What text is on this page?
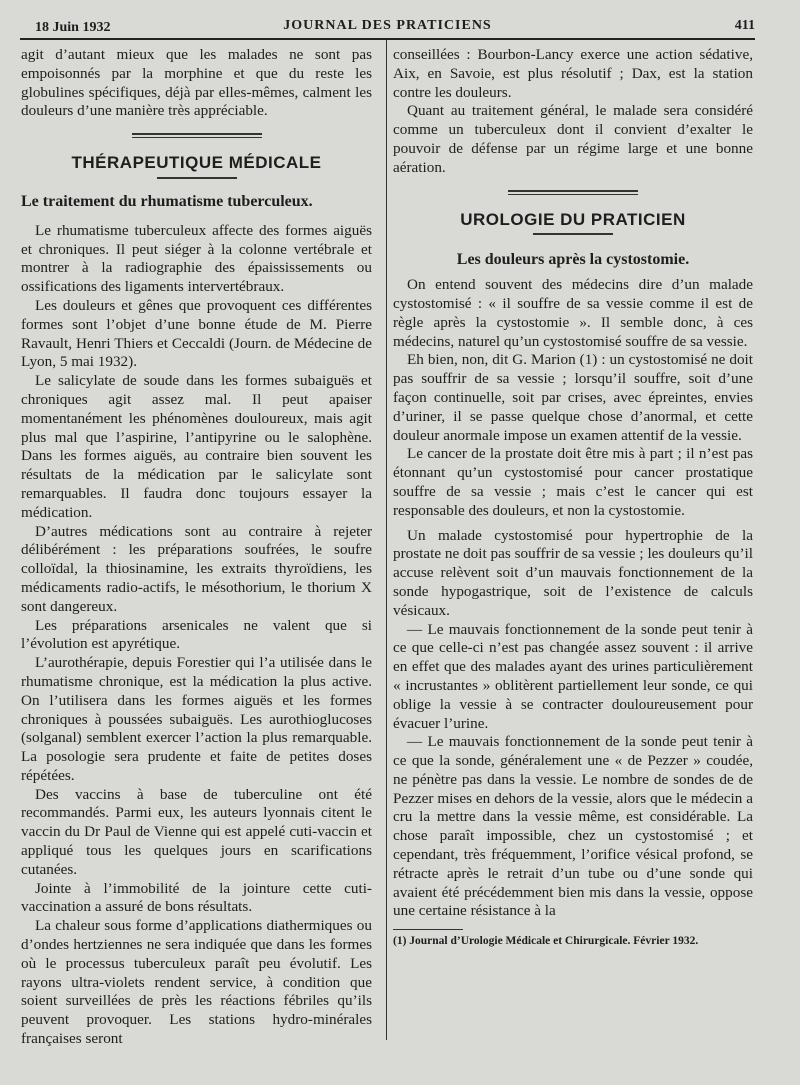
18 Juin 1932	JOURNAL DES PRATICIENS	411

agit d’autant mieux que les malades ne sont pas empoisonnés par la morphine et que du reste les globulines spécifiques, déjà par elles-mêmes, calment les douleurs d’une manière très appréciable.

THÉRAPEUTIQUE MÉDICALE
Le traitement du rhumatisme tuberculeux.

Le rhumatisme tuberculeux affecte des formes aiguës et chroniques. Il peut siéger à la colonne vertébrale et montrer à la radiographie des épaississements ou ossifications des ligaments intervertébraux.

Les douleurs et gênes que provoquent ces différentes formes sont l’objet d’une bonne étude de M. Pierre Ravault, Henri Thiers et Ceccaldi (Journ. de Médecine de Lyon, 5 mai 1932).

Le salicylate de soude dans les formes subaiguës et chroniques agit assez mal. Il peut apaiser momentanément les phénomènes douloureux, mais agit plus mal que l’aspirine, l’antipyrine ou le salophène. Dans les formes aiguës, au contraire bien souvent les résultats de la médication par le salicylate sont remarquables. Il faudra donc toujours essayer la médication.

D’autres médications sont au contraire à rejeter délibérément : les préparations soufrées, le soufre colloïdal, la thiosinamine, les extraits thyroïdiens, les médicaments radio-actifs, le mésothorium, le thorium X sont dangereux.

Les préparations arsenicales ne valent que si l’évolution est apyrétique.

L’aurothérapie, depuis Forestier qui l’a utilisée dans le rhumatisme chronique, est la médication la plus active. On l’utilisera dans les formes aiguës et les formes chroniques à poussées subaiguës. Les aurothioglucoses (solganal) semblent exercer l’action la plus remarquable. La posologie sera prudente et faite de petites doses répétées.

Des vaccins à base de tuberculine ont été recommandés. Parmi eux, les auteurs lyonnais citent le vaccin du Dr Paul de Vienne qui est appelé cuti-vaccin et appliqué tous les quelques jours en scarifications cutanées.

Jointe à l’immobilité de la jointure cette cuti-vaccination a assuré de bons résultats.

La chaleur sous forme d’applications diathermiques ou d’ondes hertziennes ne sera indiquée que dans les formes où le processus tuberculeux paraît peu évolutif. Les rayons ultra-violets rendent service, à condition que soient surveillées de près les réactions fébriles qu’ils peuvent provoquer. Les stations hydro-minérales françaises seront

conseillées : Bourbon-Lancy exerce une action sédative, Aix, en Savoie, est plus résolutif ; Dax, est la station contre les douleurs.

Quant au traitement général, le malade sera considéré comme un tuberculeux dont il convient d’exalter le pouvoir de défense par un régime large et une bonne aération.

UROLOGIE DU PRATICIEN
Les douleurs après la cystostomie.

On entend souvent des médecins dire d’un malade cystostomisé : « il souffre de sa vessie comme il est de règle après la cystostomie ». Il semble donc, à ces médecins, naturel qu’un cystostomisé souffre de sa vessie.

Eh bien, non, dit G. Marion (1) : un cystostomisé ne doit pas souffrir de sa vessie ; lorsqu’il souffre, soit d’une façon continuelle, soit par crises, avec épreintes, envies d’uriner, il se passe quelque chose d’anormal, et cette douleur anormale impose un examen attentif de la vessie.

Le cancer de la prostate doit être mis à part ; il n’est pas étonnant qu’un cystostomisé pour cancer prostatique souffre de sa vessie ; mais c’est le cancer qui est responsable des douleurs, et non la cystostomie.

Un malade cystostomisé pour hypertrophie de la prostate ne doit pas souffrir de sa vessie ; les douleurs qu’il accuse relèvent soit d’un mauvais fonctionnement de la sonde hypogastrique, soit de l’existence de calculs vésicaux.

— Le mauvais fonctionnement de la sonde peut tenir à ce que celle-ci n’est pas changée assez souvent : il arrive en effet que des malades ayant des urines particulièrement « incrustantes » oblitèrent partiellement leur sonde, ce qui oblige la vessie à se contracter douloureusement pour évacuer l’urine.

— Le mauvais fonctionnement de la sonde peut tenir à ce que la sonde, généralement une « de Pezzer » coudée, ne pénètre pas dans la vessie. Le nombre de sondes de de Pezzer mises en dehors de la vessie, alors que le médecin a cru la mettre dans la vessie même, est considérable. La chose paraît impossible, chez un cystostomisé ; et cependant, très fréquemment, l’orifice vésical profond, se rétracte après le retrait d’un tube ou d’une sonde qui avaient été précédemment bien mis dans la vessie, oppose une certaine résistance à la

(1) Journal d’Urologie Médicale et Chirurgicale. Février 1932.
